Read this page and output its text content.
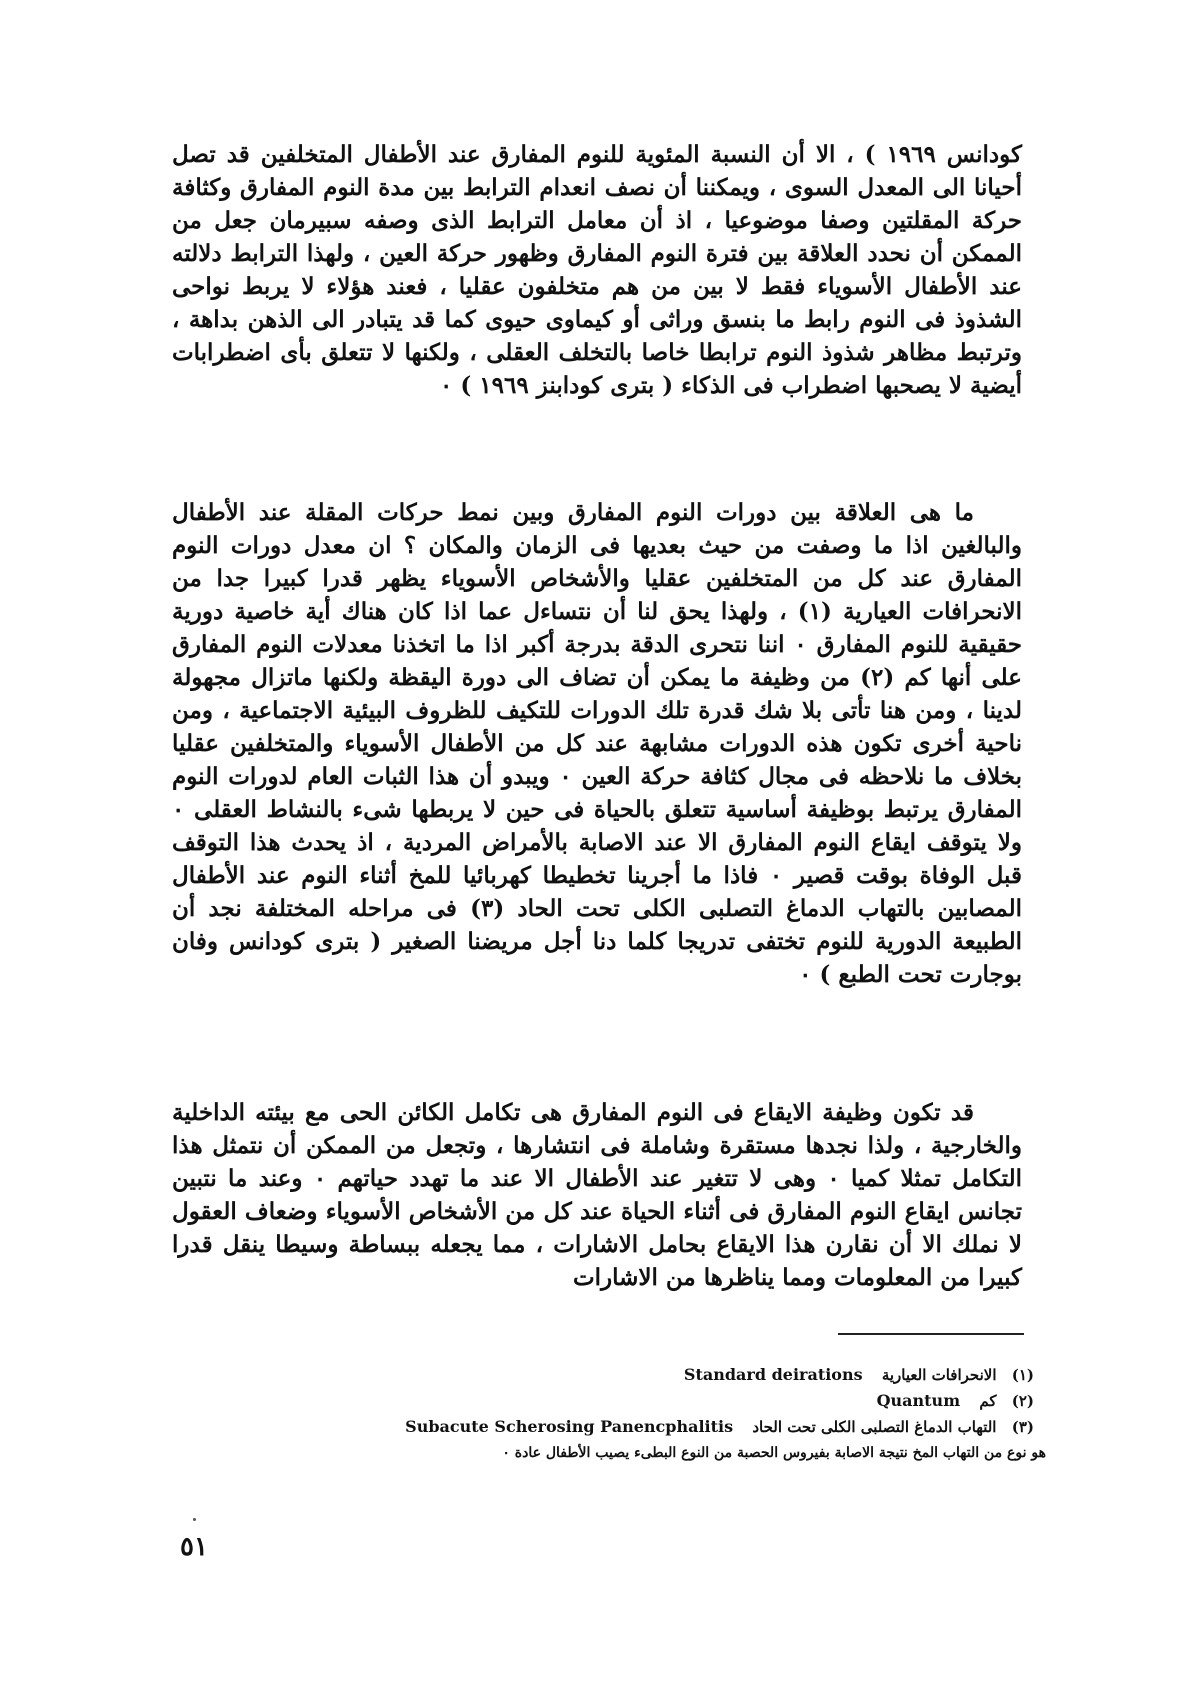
كودانس ١٩٦٩ ) ، الا أن النسبة المئوية للنوم المفارق عند الأطفال المتخلفين قد تصل أحيانا الى المعدل السوى ، ويمكننا أن نصف انعدام الترابط بين مدة النوم المفارق وكثافة حركة المقلتين وصفا موضوعيا ، اذ أن معامل الترابط الذى وصفه سبيرمان جعل من الممكن أن نحدد العلاقة بين فترة النوم المفارق وظهور حركة العين ، ولهذا الترابط دلالته عند الأطفال الأسوياء فقط لا بين من هم متخلفون عقليا ، فعند هؤلاء لا يربط نواحى الشذوذ فى النوم رابط ما بنسق وراثى أو كيماوى حيوى كما قد يتبادر الى الذهن بداهة ، وترتبط مظاهر شذوذ النوم ترابطا خاصا بالتخلف العقلى ، ولكنها لا تتعلق بأى اضطرابات أيضية لا يصحبها اضطراب فى الذكاء ( بترى كودابنز ١٩٦٩ ) ٠
ما هى العلاقة بين دورات النوم المفارق وبين نمط حركات المقلة عند الأطفال والبالغين اذا ما وصفت من حيث بعديها فى الزمان والمكان ؟ ان معدل دورات النوم المفارق عند كل من المتخلفين عقليا والأشخاص الأسوياء يظهر قدرا كبيرا جدا من الانحرافات العيارية (١) ، ولهذا يحق لنا أن نتساءل عما اذا كان هناك أية خاصية دورية حقيقية للنوم المفارق ٠ اننا نتحرى الدقة بدرجة أكبر اذا ما اتخذنا معدلات النوم المفارق على أنها كم (٢) من وظيفة ما يمكن أن تضاف الى دورة اليقظة ولكنها ماتزال مجهولة لدينا ، ومن هنا تأتى بلا شك قدرة تلك الدورات للتكيف للظروف البيئية الاجتماعية ، ومن ناحية أخرى تكون هذه الدورات مشابهة عند كل من الأطفال الأسوياء والمتخلفين عقليا بخلاف ما نلاحظه فى مجال كثافة حركة العين ٠ ويبدو أن هذا الثبات العام لدورات النوم المفارق يرتبط بوظيفة أساسية تتعلق بالحياة فى حين لا يربطها شىء بالنشاط العقلى ٠ ولا يتوقف ايقاع النوم المفارق الا عند الاصابة بالأمراض المردية ، اذ يحدث هذا التوقف قبل الوفاة بوقت قصير ٠ فاذا ما أجرينا تخطيطا كهربائيا للمخ أثناء النوم عند الأطفال المصابين بالتهاب الدماغ التصلبى الكلى تحت الحاد (٣) فى مراحله المختلفة نجد أن الطبيعة الدورية للنوم تختفى تدريجا كلما دنا أجل مريضنا الصغير ( بترى كودانس وفان بوجارت تحت الطبع ) ٠
قد تكون وظيفة الايقاع فى النوم المفارق هى تكامل الكائن الحى مع بيئته الداخلية والخارجية ، ولذا نجدها مستقرة وشاملة فى انتشارها ، وتجعل من الممكن أن نتمثل هذا التكامل تمثلا كميا ٠ وهى لا تتغير عند الأطفال الا عند ما تهدد حياتهم ٠ وعند ما نتبين تجانس ايقاع النوم المفارق فى أثناء الحياة عند كل من الأشخاص الأسوياء وضعاف العقول لا نملك الا أن نقارن هذا الايقاع بحامل الاشارات ، مما يجعله ببساطة وسيطا ينقل قدرا كبيرا من المعلومات ومما يناظرها من الاشارات
(١) الانحرافات العيارية Standard deirations
(٢) كم Quantum
(٣) التهاب الدماغ التصلبى الكلى تحت الحاد Subacute Scherosing Panencphalitis
هو نوع من التهاب المخ نتيجة الاصابة بفيروس الحصبة من النوع البطىء يصيب الأطفال عادة ٠
٥١
